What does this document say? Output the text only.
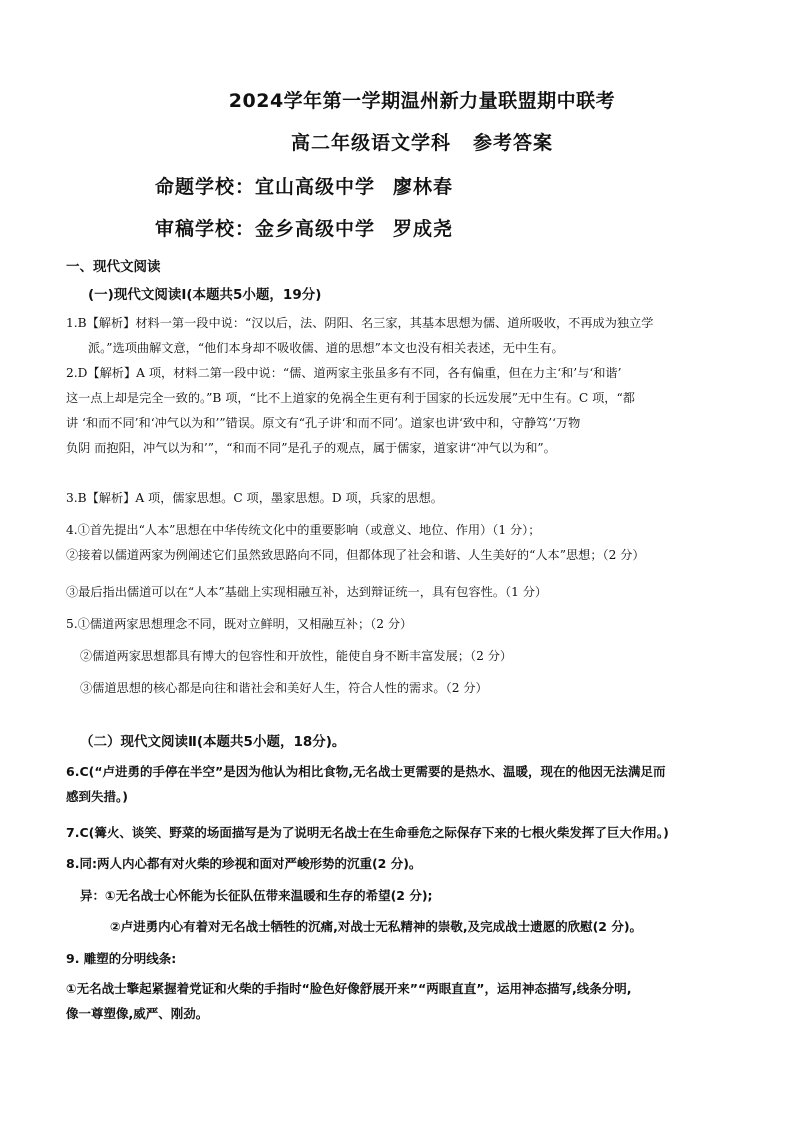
2024学年第一学期温州新力量联盟期中联考
高二年级语文学科 参考答案
命题学校：宜山高级中学 廖林春
审稿学校：金乡高级中学 罗成尧
一、现代文阅读
(一)现代文阅读Ⅰ(本题共5小题，19分)
1.B【解析】材料一第一段中说：“汉以后，法、阴阳、名三家，其基本思想为儒、道所吸收，不再成为独立学
派。”选项曲解文意，“他们本身却不吸收儒、道的思想”本文也没有相关表述，无中生有。
2.D【解析】A 项，材料二第一段中说：“儒、道两家主张虽多有不同，各有偏重，但在力主‘和’与‘和谐’
这一点上却是完全一致的。”B 项，“比不上道家的免祸全生更有利于国家的长远发展”无中生有。C 项，“都
讲 ‘和而不同’和‘冲气以为和’”错误。原文有“孔子讲‘和而不同’。道家也讲‘致中和，守静笃’‘万物
负阴 而抱阳，冲气以为和’”，“和而不同”是孔子的观点，属于儒家，道家讲“冲气以为和”。
3.B【解析】A 项，儒家思想。C 项，墨家思想。D 项，兵家的思想。
4.①首先提出“人本”思想在中华传统文化中的重要影响（或意义、地位、作用）（1 分）；
②接着以儒道两家为例阐述它们虽然致思路向不同，但都体现了社会和谐、人生美好的“人本”思想；（2 分）
③最后指出儒道可以在“人本”基础上实现相融互补，达到辩证统一，具有包容性。（1 分）
5.①儒道两家思想理念不同，既对立鲜明，又相融互补；（2 分）
②儒道两家思想都具有博大的包容性和开放性，能使自身不断丰富发展；（2 分）
③儒道思想的核心都是向往和谐社会和美好人生，符合人性的需求。（2 分）
（二）现代文阅读Ⅱ(本题共5小题，18分)。
6.C(“卢进勇的手停在半空”是因为他认为相比食物,无名战士更需要的是热水、温暖，现在的他因无法满足而
感到失措。)
7.C(篝火、谈笑、野菜的场面描写是为了说明无名战士在生命垂危之际保存下来的七根火柴发挥了巨大作用。)
8.同:两人内心都有对火柴的珍视和面对严峻形势的沉重(2 分)。
异：①无名战士心怀能为长征队伍带来温暖和生存的希望(2 分);
②卢进勇内心有着对无名战士牺牲的沉痛,对战士无私精神的崇敬,及完成战士遗愿的欣慰(2 分)。
9. 雕塑的分明线条:
①无名战士擎起紧握着党证和火柴的手指时“脸色好像舒展开来”“两眼直直”，运用神态描写,线条分明,
像一尊塑像,威严、刚劲。
